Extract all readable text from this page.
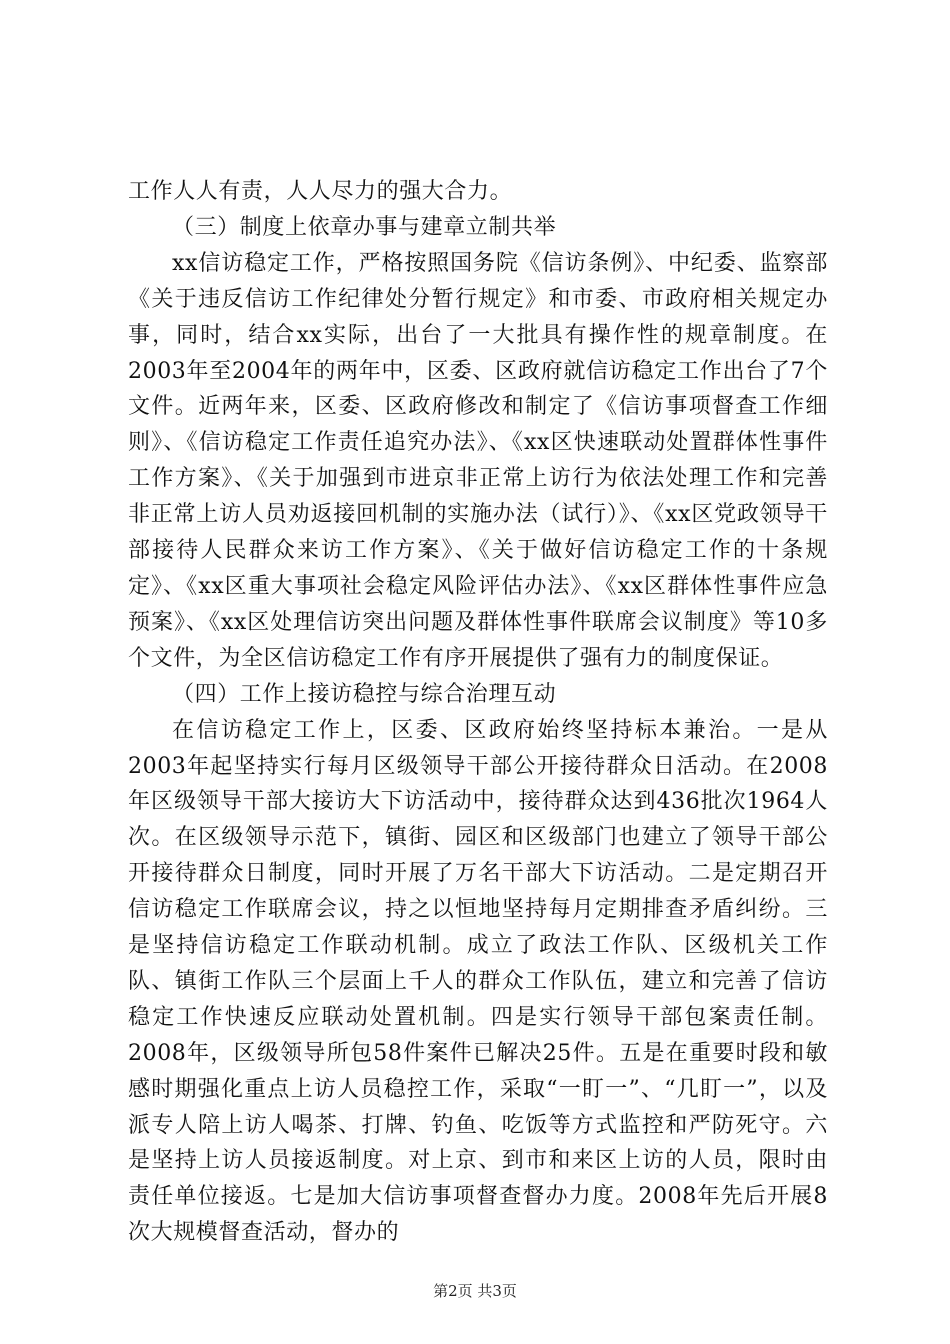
工作人人有责，人人尽力的强大合力。

（三）制度上依章办事与建章立制共举

xx信访稳定工作，严格按照国务院《信访条例》、中纪委、监察部《关于违反信访工作纪律处分暂行规定》和市委、市政府相关规定办事，同时，结合xx实际，出台了一大批具有操作性的规章制度。在2003年至2004年的两年中，区委、区政府就信访稳定工作出台了7个文件。近两年来，区委、区政府修改和制定了《信访事项督查工作细则》、《信访稳定工作责任追究办法》、《xx区快速联动处置群体性事件工作方案》、《关于加强到市进京非正常上访行为依法处理工作和完善非正常上访人员劝返接回机制的实施办法（试行）》、《xx区党政领导干部接待人民群众来访工作方案》、《关于做好信访稳定工作的十条规定》、《xx区重大事项社会稳定风险评估办法》、《xx区群体性事件应急预案》、《xx区处理信访突出问题及群体性事件联席会议制度》等10多个文件，为全区信访稳定工作有序开展提供了强有力的制度保证。

（四）工作上接访稳控与综合治理互动

在信访稳定工作上，区委、区政府始终坚持标本兼治。一是从2003年起坚持实行每月区级领导干部公开接待群众日活动。在2008年区级领导干部大接访大下访活动中，接待群众达到436批次1964人次。在区级领导示范下，镇街、园区和区级部门也建立了领导干部公开接待群众日制度，同时开展了万名干部大下访活动。二是定期召开信访稳定工作联席会议，持之以恒地坚持每月定期排查矛盾纠纷。三是坚持信访稳定工作联动机制。成立了政法工作队、区级机关工作队、镇街工作队三个层面上千人的群众工作队伍，建立和完善了信访稳定工作快速反应联动处置机制。四是实行领导干部包案责任制。2008年，区级领导所包58件案件已解决25件。五是在重要时段和敏感时期强化重点上访人员稳控工作，采取“一盯一”、“几盯一”，以及派专人陪上访人喝茶、打牌、钓鱼、吃饭等方式监控和严防死守。六是坚持上访人员接返制度。对上京、到市和来区上访的人员，限时由责任单位接返。七是加大信访事项督查督办力度。2008年先后开展8次大规模督查活动，督办的

第2页 共3页
